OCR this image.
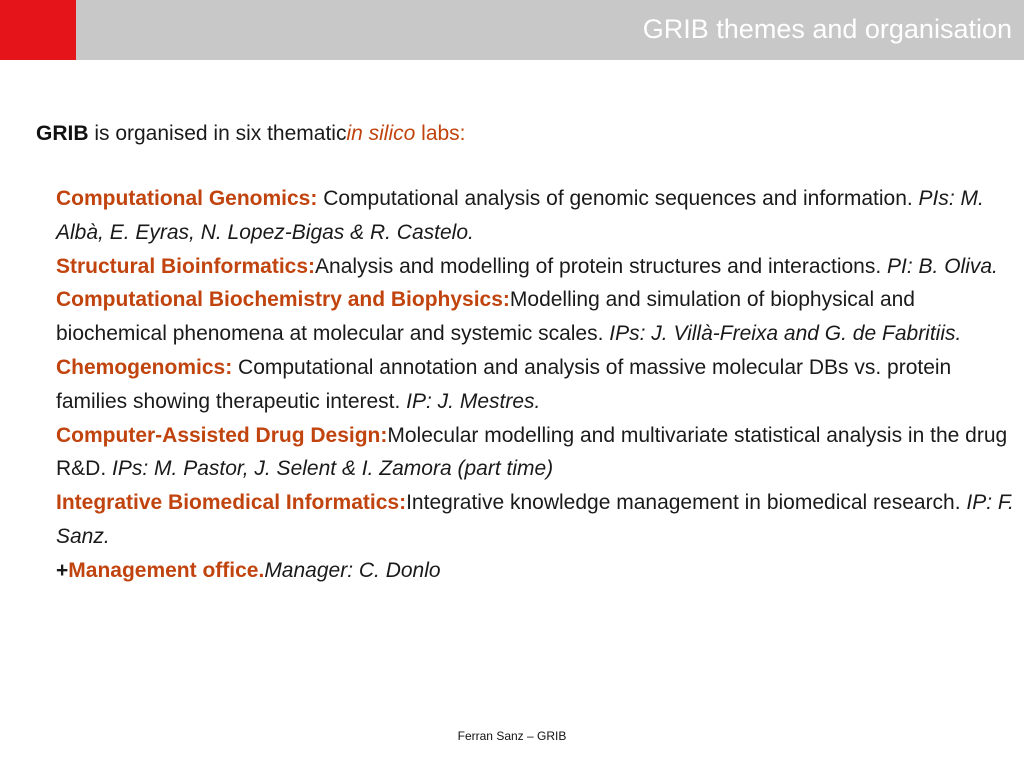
GRIB themes and organisation
GRIB is organised in six thematicin silico labs:

Computational Genomics: Computational analysis of genomic sequences and information. PIs: M. Albà, E. Eyras, N. Lopez-Bigas & R. Castelo.

Structural Bioinformatics:Analysis and modelling of protein structures and interactions. PI: B. Oliva.

Computational Biochemistry and Biophysics:Modelling and simulation of biophysical and biochemical phenomena at molecular and systemic scales. IPs: J. Villà-Freixa and G. de Fabritiis.

Chemogenomics: Computational annotation and analysis of massive molecular DBs vs. protein families showing therapeutic interest. IP: J. Mestres.

Computer-Assisted Drug Design:Molecular modelling and multivariate statistical analysis in the drug R&D. IPs: M. Pastor, J. Selent & I. Zamora (part time)

Integrative Biomedical Informatics:Integrative knowledge management in biomedical research. IP: F. Sanz.

+Management office.Manager: C. Donlo

Ferran Sanz – GRIB
